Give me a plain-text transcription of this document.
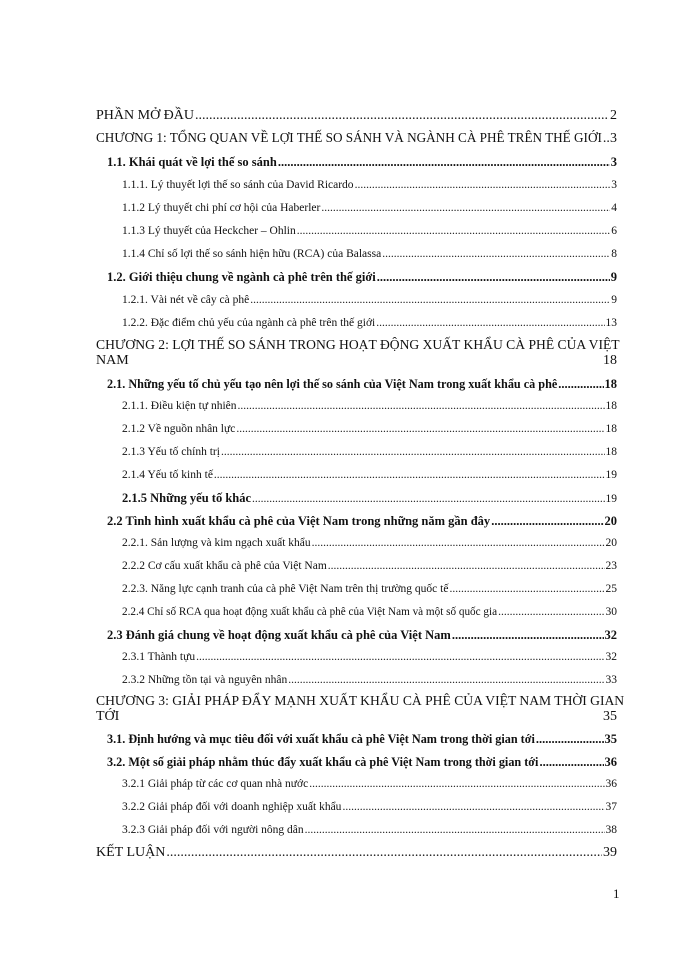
PHẦN MỞ ĐẦU .....	2
CHƯƠNG 1: TỔNG QUAN VỀ LỢI THẾ SO SÁNH VÀ NGÀNH CÀ PHÊ TRÊN THẾ GIỚI ..... 3
1.1. Khái quát về lợi thế so sánh .....	3
1.1.1. Lý thuyết lợi thế so sánh của David Ricardo .....	3
1.1.2 Lý thuyết chi phí cơ hội của Haberler .....	4
1.1.3 Lý thuyết của Heckcher – Ohlin .....	6
1.1.4 Chỉ số lợi thế so sánh hiện hữu (RCA) của Balassa .....	8
1.2. Giới thiệu chung về ngành cà phê trên thế giới .....	9
1.2.1. Vài nét về cây cà phê .....	9
1.2.2. Đặc điểm chủ yếu của ngành cà phê trên thế giới .....	13
CHƯƠNG 2: LỢI THẾ SO SÁNH TRONG HOẠT ĐỘNG XUẤT KHẨU CÀ PHÊ CỦA VIỆT
NAM	18
2.1. Những yếu tố chủ yếu tạo nên lợi thế so sánh của Việt Nam trong xuất khẩu cà phê .....	18
2.1.1. Điều kiện tự nhiên .....	18
2.1.2 Về nguồn nhân lực .....	18
2.1.3 Yếu tố chính trị .....	18
2.1.4 Yếu tố kinh tế .....	19
2.1.5 Những yếu tố khác .....	19
2.2 Tình hình xuất khẩu cà phê của Việt Nam trong những năm gần đây .....	20
2.2.1. Sản lượng và kim ngạch xuất khẩu .....	20
2.2.2 Cơ cấu xuất khẩu cà phê của Việt Nam .....	23
2.2.3. Năng lực cạnh tranh của cà phê Việt Nam trên thị trường quốc tế .....	25
2.2.4 Chỉ số RCA qua hoạt động xuất khẩu cà phê của Việt Nam và một số quốc gia .....	30
2.3 Đánh giá chung về hoạt động xuất khẩu cà phê của Việt Nam .....	32
2.3.1 Thành tựu .....	32
2.3.2 Những tồn tại và nguyên nhân .....	33
CHƯƠNG 3: GIẢI PHÁP ĐẨY MẠNH XUẤT KHẨU CÀ PHÊ CỦA VIỆT NAM THỜI GIAN
TỚI	35
3.1. Định hướng và mục tiêu đối với xuất khẩu cà phê Việt Nam trong thời gian tới .....	35
3.2. Một số giải pháp nhằm thúc đẩy xuất khẩu cà phê Việt Nam trong thời gian tới .....	36
3.2.1 Giải pháp từ các cơ quan nhà nước .....	36
3.2.2 Giải pháp đối với doanh nghiệp xuất khẩu .....	37
3.2.3 Giải pháp đối với người nông dân .....	38
KẾT LUẬN .....	39
1
